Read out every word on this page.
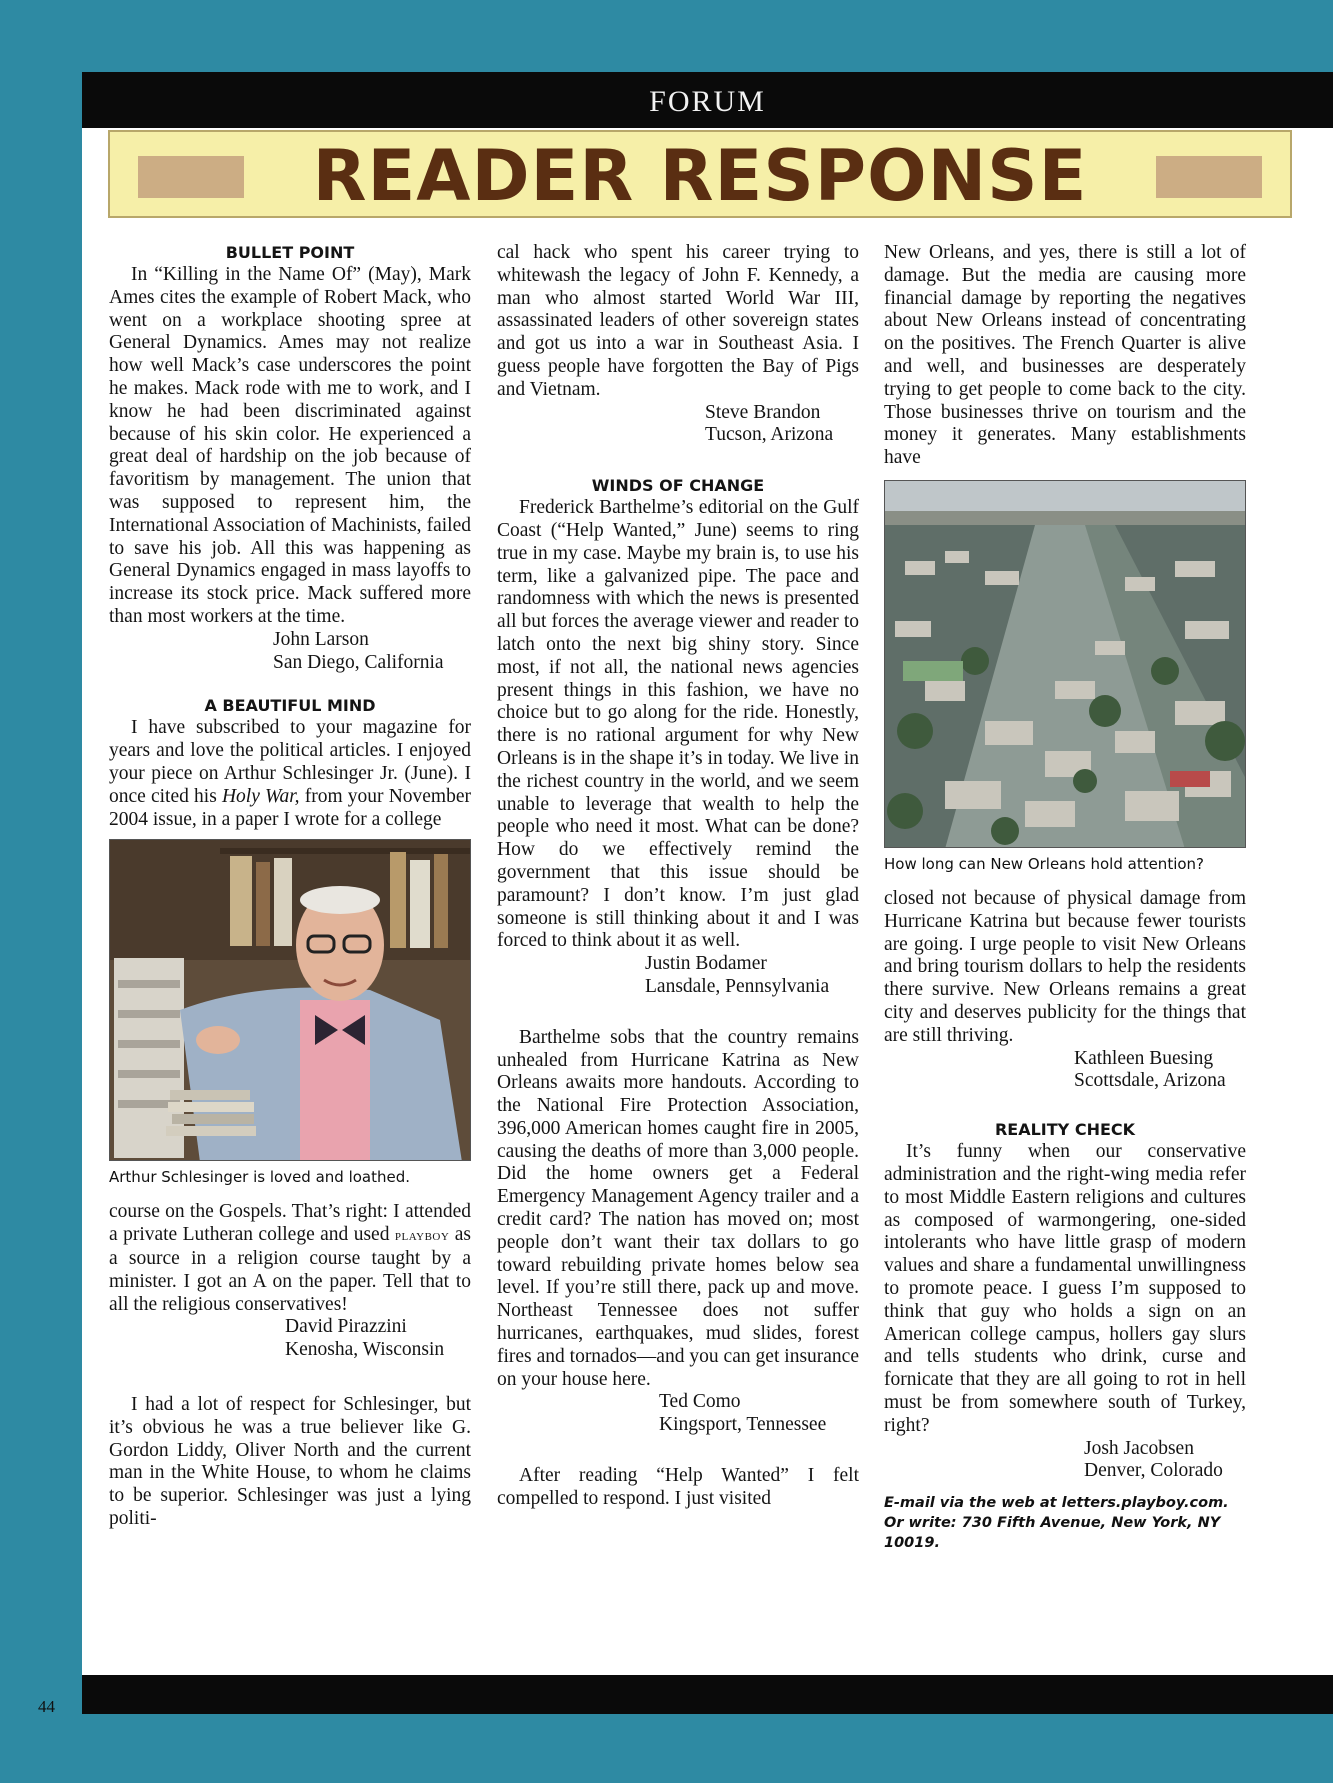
FORUM
READER RESPONSE
BULLET POINT

In “Killing in the Name Of” (May), Mark Ames cites the example of Robert Mack, who went on a workplace shooting spree at General Dynamics. Ames may not realize how well Mack’s case underscores the point he makes. Mack rode with me to work, and I know he had been discriminated against because of his skin color. He experienced a great deal of hardship on the job because of favoritism by management. The union that was supposed to represent him, the International Association of Machinists, failed to save his job. All this was happening as General Dynamics engaged in mass layoffs to increase its stock price. Mack suffered more than most workers at the time.

John Larson
San Diego, California
A BEAUTIFUL MIND

I have subscribed to your magazine for years and love the political articles. I enjoyed your piece on Arthur Schlesinger Jr. (June). I once cited his Holy War, from your November 2004 issue, in a paper I wrote for a college

Arthur Schlesinger is loved and loathed.

course on the Gospels. That’s right: I attended a private Lutheran college and used playboy as a source in a religion course taught by a minister. I got an A on the paper. Tell that to all the religious conservatives!

David Pirazzini
Kenosha, Wisconsin

I had a lot of respect for Schlesinger, but it’s obvious he was a true believer like G. Gordon Liddy, Oliver North and the current man in the White House, to whom he claims to be superior. Schlesinger was just a lying politi-

cal hack who spent his career trying to whitewash the legacy of John F. Kennedy, a man who almost started World War III, assassinated leaders of other sovereign states and got us into a war in Southeast Asia. I guess people have forgotten the Bay of Pigs and Vietnam.

Steve Brandon
Tucson, Arizona
WINDS OF CHANGE

Frederick Barthelme’s editorial on the Gulf Coast (“Help Wanted,” June) seems to ring true in my case. Maybe my brain is, to use his term, like a galvanized pipe. The pace and randomness with which the news is presented all but forces the average viewer and reader to latch onto the next big shiny story. Since most, if not all, the national news agencies present things in this fashion, we have no choice but to go along for the ride. Honestly, there is no rational argument for why New Orleans is in the shape it’s in today. We live in the richest country in the world, and we seem unable to leverage that wealth to help the people who need it most. What can be done? How do we effectively remind the government that this issue should be paramount? I don’t know. I’m just glad someone is still thinking about it and I was forced to think about it as well.

Justin Bodamer
Lansdale, Pennsylvania

Barthelme sobs that the country remains unhealed from Hurricane Katrina as New Orleans awaits more handouts. According to the National Fire Protection Association, 396,000 American homes caught fire in 2005, causing the deaths of more than 3,000 people. Did the home owners get a Federal Emergency Management Agency trailer and a credit card? The nation has moved on; most people don’t want their tax dollars to go toward rebuilding private homes below sea level. If you’re still there, pack up and move. Northeast Tennessee does not suffer hurricanes, earthquakes, mud slides, forest fires and tornados—and you can get insurance on your house here.

Ted Como
Kingsport, Tennessee

After reading “Help Wanted” I felt compelled to respond. I just visited

New Orleans, and yes, there is still a lot of damage. But the media are causing more financial damage by reporting the negatives about New Orleans instead of concentrating on the positives. The French Quarter is alive and well, and businesses are desperately trying to get people to come back to the city. Those businesses thrive on tourism and the money it generates. Many establishments have

How long can New Orleans hold attention?

closed not because of physical damage from Hurricane Katrina but because fewer tourists are going. I urge people to visit New Orleans and bring tourism dollars to help the residents there survive. New Orleans remains a great city and deserves publicity for the things that are still thriving.

Kathleen Buesing
Scottsdale, Arizona
REALITY CHECK

It’s funny when our conservative administration and the right-wing media refer to most Middle Eastern religions and cultures as composed of warmongering, one-sided intolerants who have little grasp of modern values and share a fundamental unwillingness to promote peace. I guess I’m supposed to think that guy who holds a sign on an American college campus, hollers gay slurs and tells students who drink, curse and fornicate that they are all going to rot in hell must be from somewhere south of Turkey, right?

Josh Jacobsen
Denver, Colorado
E-mail via the web at letters.playboy.com. Or write: 730 Fifth Avenue, New York, NY 10019.
44
